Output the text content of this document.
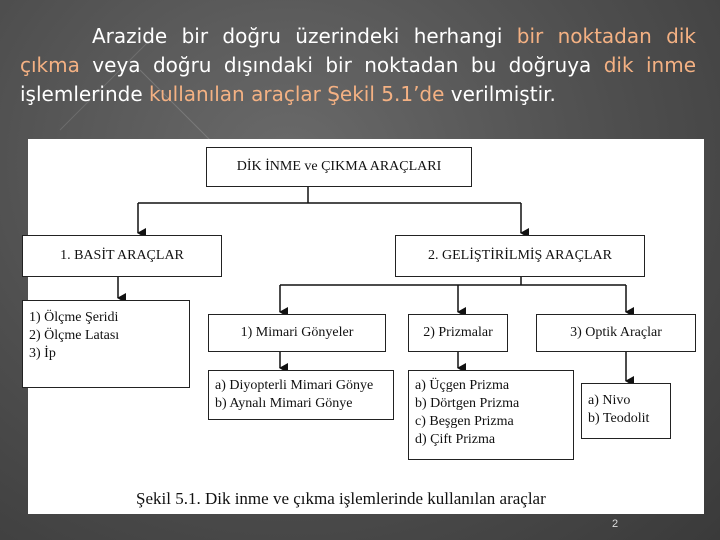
Arazide bir doğru üzerindeki herhangi bir noktadan dik çıkma veya doğru dışındaki bir noktadan bu doğruya dik inme işlemlerinde kullanılan araçlar Şekil 5.1’de verilmiştir.
DİK İNME ve ÇIKMA ARAÇLARI
1. BASİT ARAÇLAR	2. GELİŞTİRİLMİŞ ARAÇLAR
1) Ölçme Şeridi
2) Ölçme Latası
3) İp
1) Mimari Gönyeler	2) Prizmalar	3) Optik Araçlar
a) Diyopterli Mimari Gönye
b) Aynalı Mimari Gönye
a) Üçgen Prizma
b) Dörtgen Prizma
c) Beşgen Prizma
d) Çift Prizma
a) Nivo
b) Teodolit
Şekil 5.1. Dik inme ve çıkma işlemlerinde kullanılan araçlar
2
